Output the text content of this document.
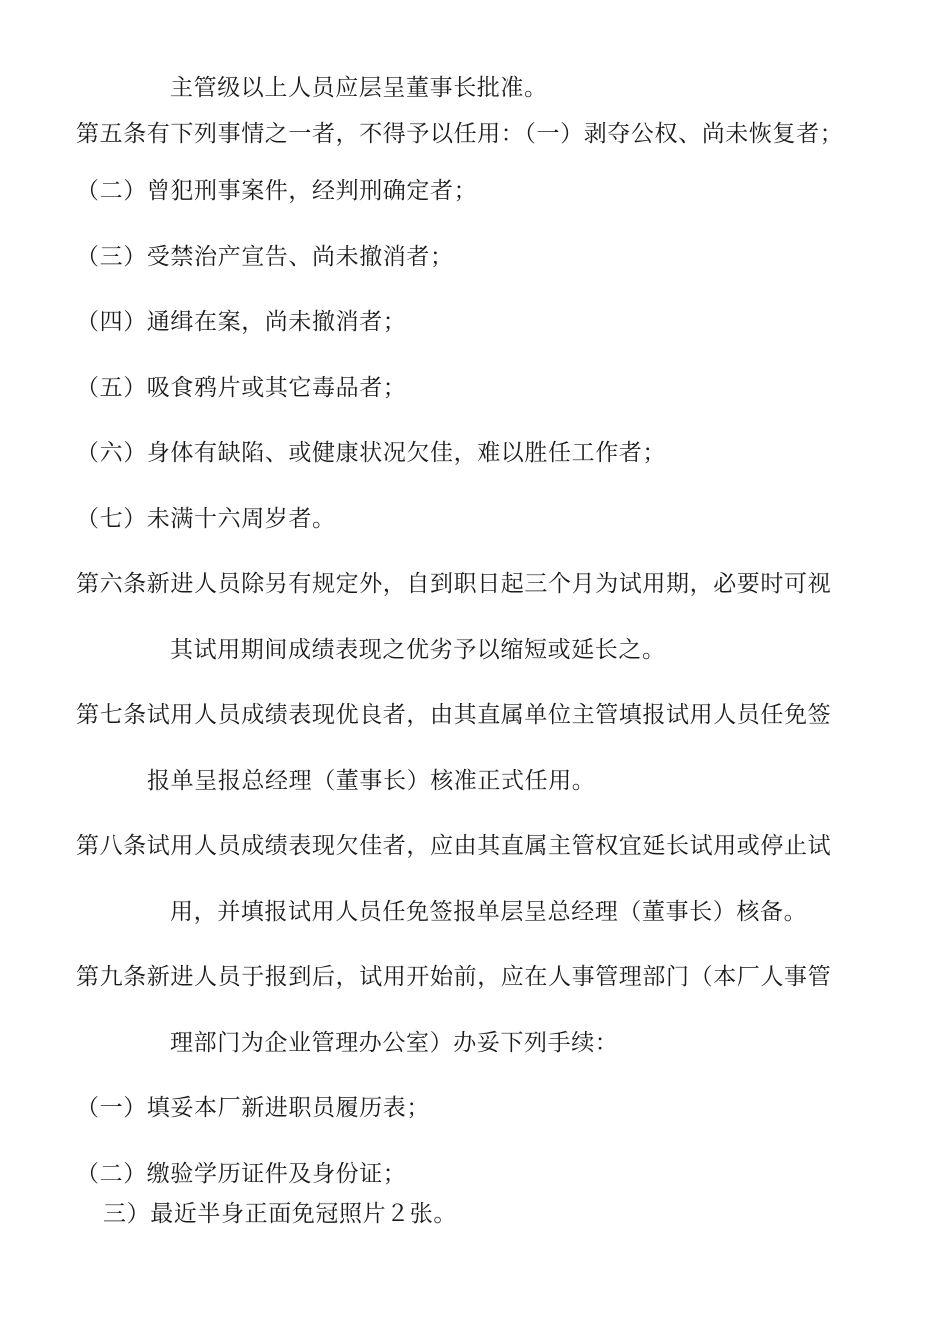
主管级以上人员应层呈董事长批准。
第五条有下列事情之一者，不得予以任用：（一）剥夺公权、尚未恢复者；
（二）曾犯刑事案件，经判刑确定者；
（三）受禁治产宣告、尚未撤消者；
（四）通缉在案，尚未撤消者；
（五）吸食鸦片或其它毒品者；
（六）身体有缺陷、或健康状况欠佳，难以胜任工作者；
（七）未满十六周岁者。
第六条新进人员除另有规定外，自到职日起三个月为试用期，必要时可视
其试用期间成绩表现之优劣予以缩短或延长之。
第七条试用人员成绩表现优良者，由其直属单位主管填报试用人员任免签
报单呈报总经理（董事长）核准正式任用。
第八条试用人员成绩表现欠佳者，应由其直属主管权宜延长试用或停止试
用，并填报试用人员任免签报单层呈总经理（董事长）核备。
第九条新进人员于报到后，试用开始前，应在人事管理部门（本厂人事管
理部门为企业管理办公室）办妥下列手续：
（一）填妥本厂新进职员履历表；
（二）缴验学历证件及身份证；
三）最近半身正面免冠照片２张。
